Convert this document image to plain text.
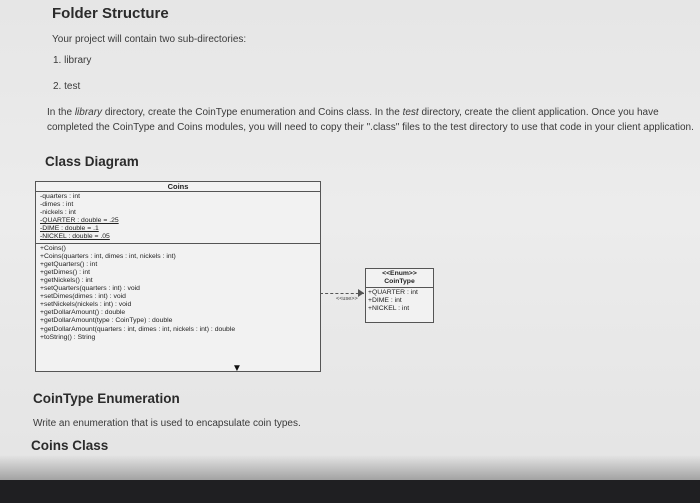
Folder Structure
Your project will contain two sub-directories:
1. library
2. test
In the library directory, create the CoinType enumeration and Coins class. In the test directory, create the client application. Once you have completed the CoinType and Coins modules, you will need to copy their ".class" files to the test directory to use that code in your client application.
Class Diagram
Coins
-quarters : int
-dimes : int
-nickels : int
-QUARTER : double = .25
-DIME : double = .1
-NICKEL : double = .05
+Coins()
+Coins(quarters : int, dimes : int, nickels : int)
+getQuarters() : int
+getDimes() : int
+getNickels() : int
+setQuarters(quarters : int) : void
+setDimes(dimes : int) : void
+setNickels(nickels : int) : void
+getDollarAmount() : double
+getDollarAmount(type : CoinType) : double
+getDollarAmount(quarters : int, dimes : int, nickels : int) : double
+toString() : String
<<use>>
<<Enum>>
CoinType
+QUARTER : int
+DIME : int
+NICKEL : int
▼
CoinType Enumeration
Write an enumeration that is used to encapsulate coin types.
Coins Class
